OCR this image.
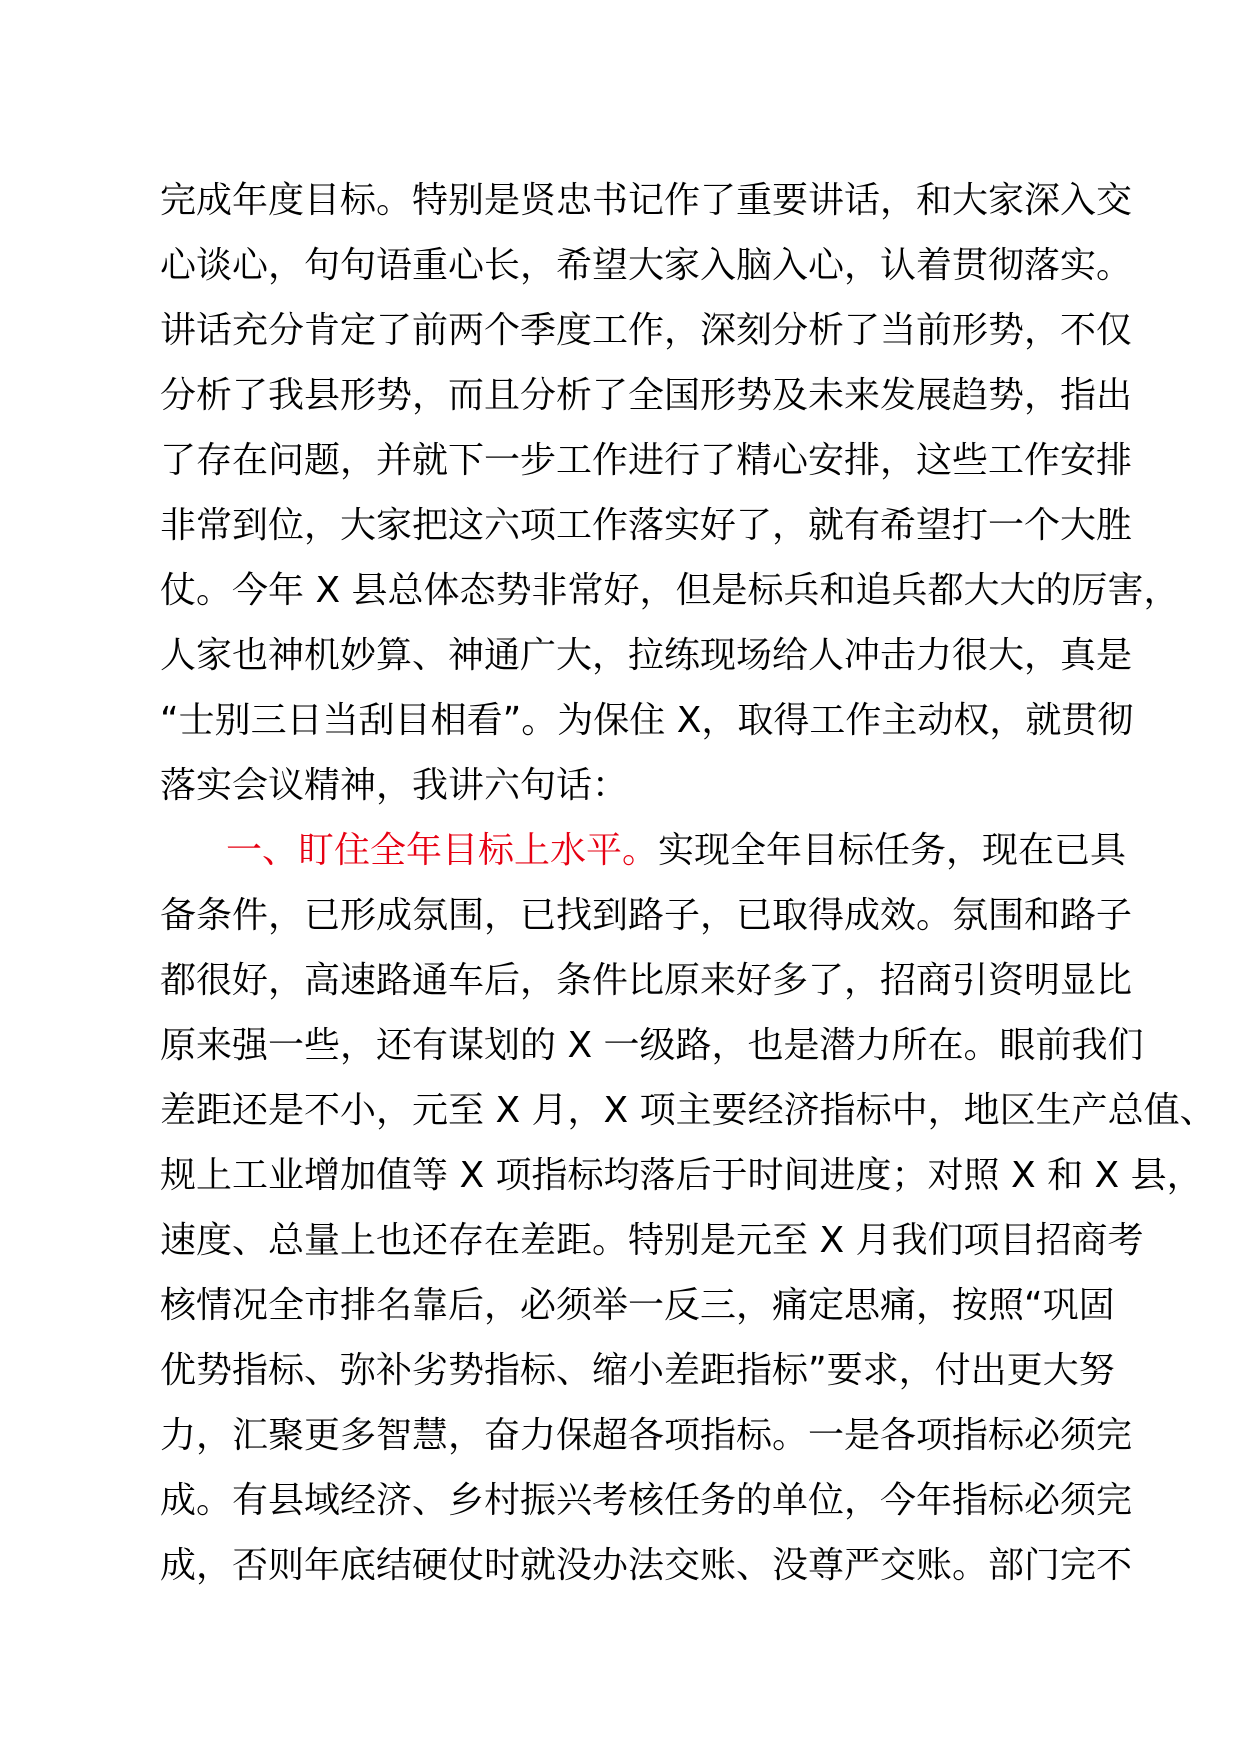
完成年度目标。特别是贤忠书记作了重要讲话，和大家深入交
心谈心，句句语重心长，希望大家入脑入心，认着贯彻落实。
讲话充分肯定了前两个季度工作，深刻分析了当前形势，不仅
分析了我县形势，而且分析了全国形势及未来发展趋势，指出
了存在问题，并就下一步工作进行了精心安排，这些工作安排
非常到位，大家把这六项工作落实好了，就有希望打一个大胜
仗。今年 X 县总体态势非常好，但是标兵和追兵都大大的厉害，
人家也神机妙算、神通广大，拉练现场给人冲击力很大，真是
“士别三日当刮目相看”。为保住 X，取得工作主动权，就贯彻
落实会议精神，我讲六句话：
一、盯住全年目标上水平。实现全年目标任务，现在已具
备条件，已形成氛围，已找到路子，已取得成效。氛围和路子
都很好，高速路通车后，条件比原来好多了，招商引资明显比
原来强一些，还有谋划的 X 一级路，也是潜力所在。眼前我们
差距还是不小，元至 X 月，X 项主要经济指标中，地区生产总值、
规上工业增加值等 X 项指标均落后于时间进度；对照 X 和 X 县，
速度、总量上也还存在差距。特别是元至 X 月我们项目招商考
核情况全市排名靠后，必须举一反三，痛定思痛，按照“巩固
优势指标、弥补劣势指标、缩小差距指标”要求，付出更大努
力，汇聚更多智慧，奋力保超各项指标。一是各项指标必须完
成。有县域经济、乡村振兴考核任务的单位，今年指标必须完
成，否则年底结硬仗时就没办法交账、没尊严交账。部门完不
